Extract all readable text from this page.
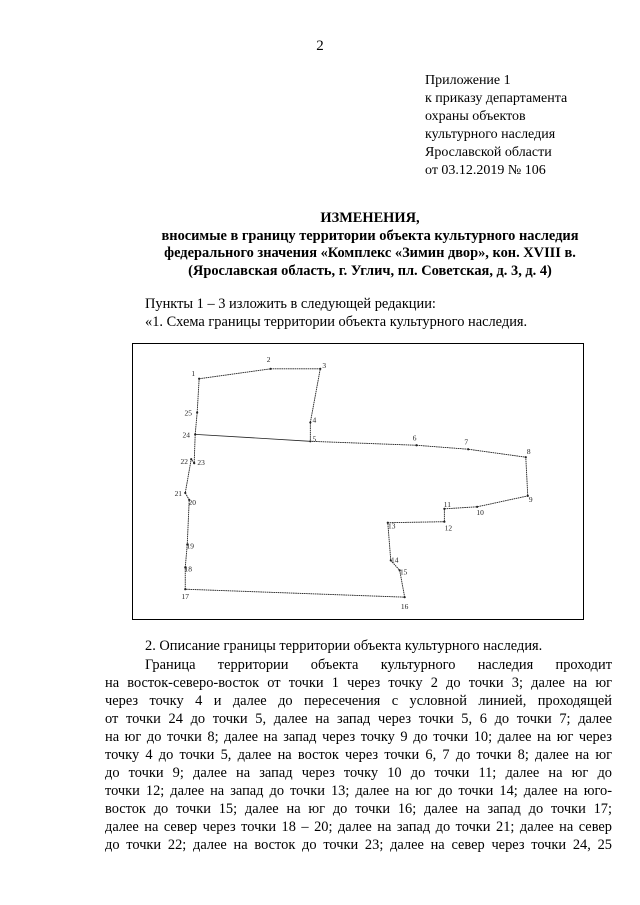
2
Приложение 1
к приказу департамента
охраны объектов
культурного наследия
Ярославской области
от 03.12.2019 № 106
ИЗМЕНЕНИЯ,
вносимые в границу территории объекта культурного наследия
федерального значения «Комплекс «Зимин двор», кон. XVIII в.
(Ярославская область, г. Углич, пл. Советская, д. 3, д. 4)
Пункты 1 – 3 изложить в следующей редакции:
«1. Схема границы территории объекта культурного наследия.
1
2
3
4
5	6	7
8
9
10
11
12
13
14
15
16
17
18
19
20
21
22 23
24
25
2. Описание границы территории объекта культурного наследия.
Граница территории объекта культурного наследия проходит
на восток-северо-восток от точки 1 через точку 2 до точки 3; далее на юг
через точку 4 и далее до пересечения с условной линией, проходящей
от точки 24 до точки 5, далее на запад через точки 5, 6 до точки 7; далее
на юг до точки 8; далее на запад через точку 9 до точки 10; далее на юг через
точку 4 до точки 5, далее на восток через точки 6, 7 до точки 8; далее на юг
до точки 9; далее на запад через точку 10 до точки 11; далее на юг до
точки 12; далее на запад до точки 13; далее на юг до точки 14; далее на юго-
восток до точки 15; далее на юг до точки 16; далее на запад до точки 17;
далее на север через точки 18 – 20; далее на запад до точки 21; далее на север
до точки 22; далее на восток до точки 23; далее на север через точки 24, 25
